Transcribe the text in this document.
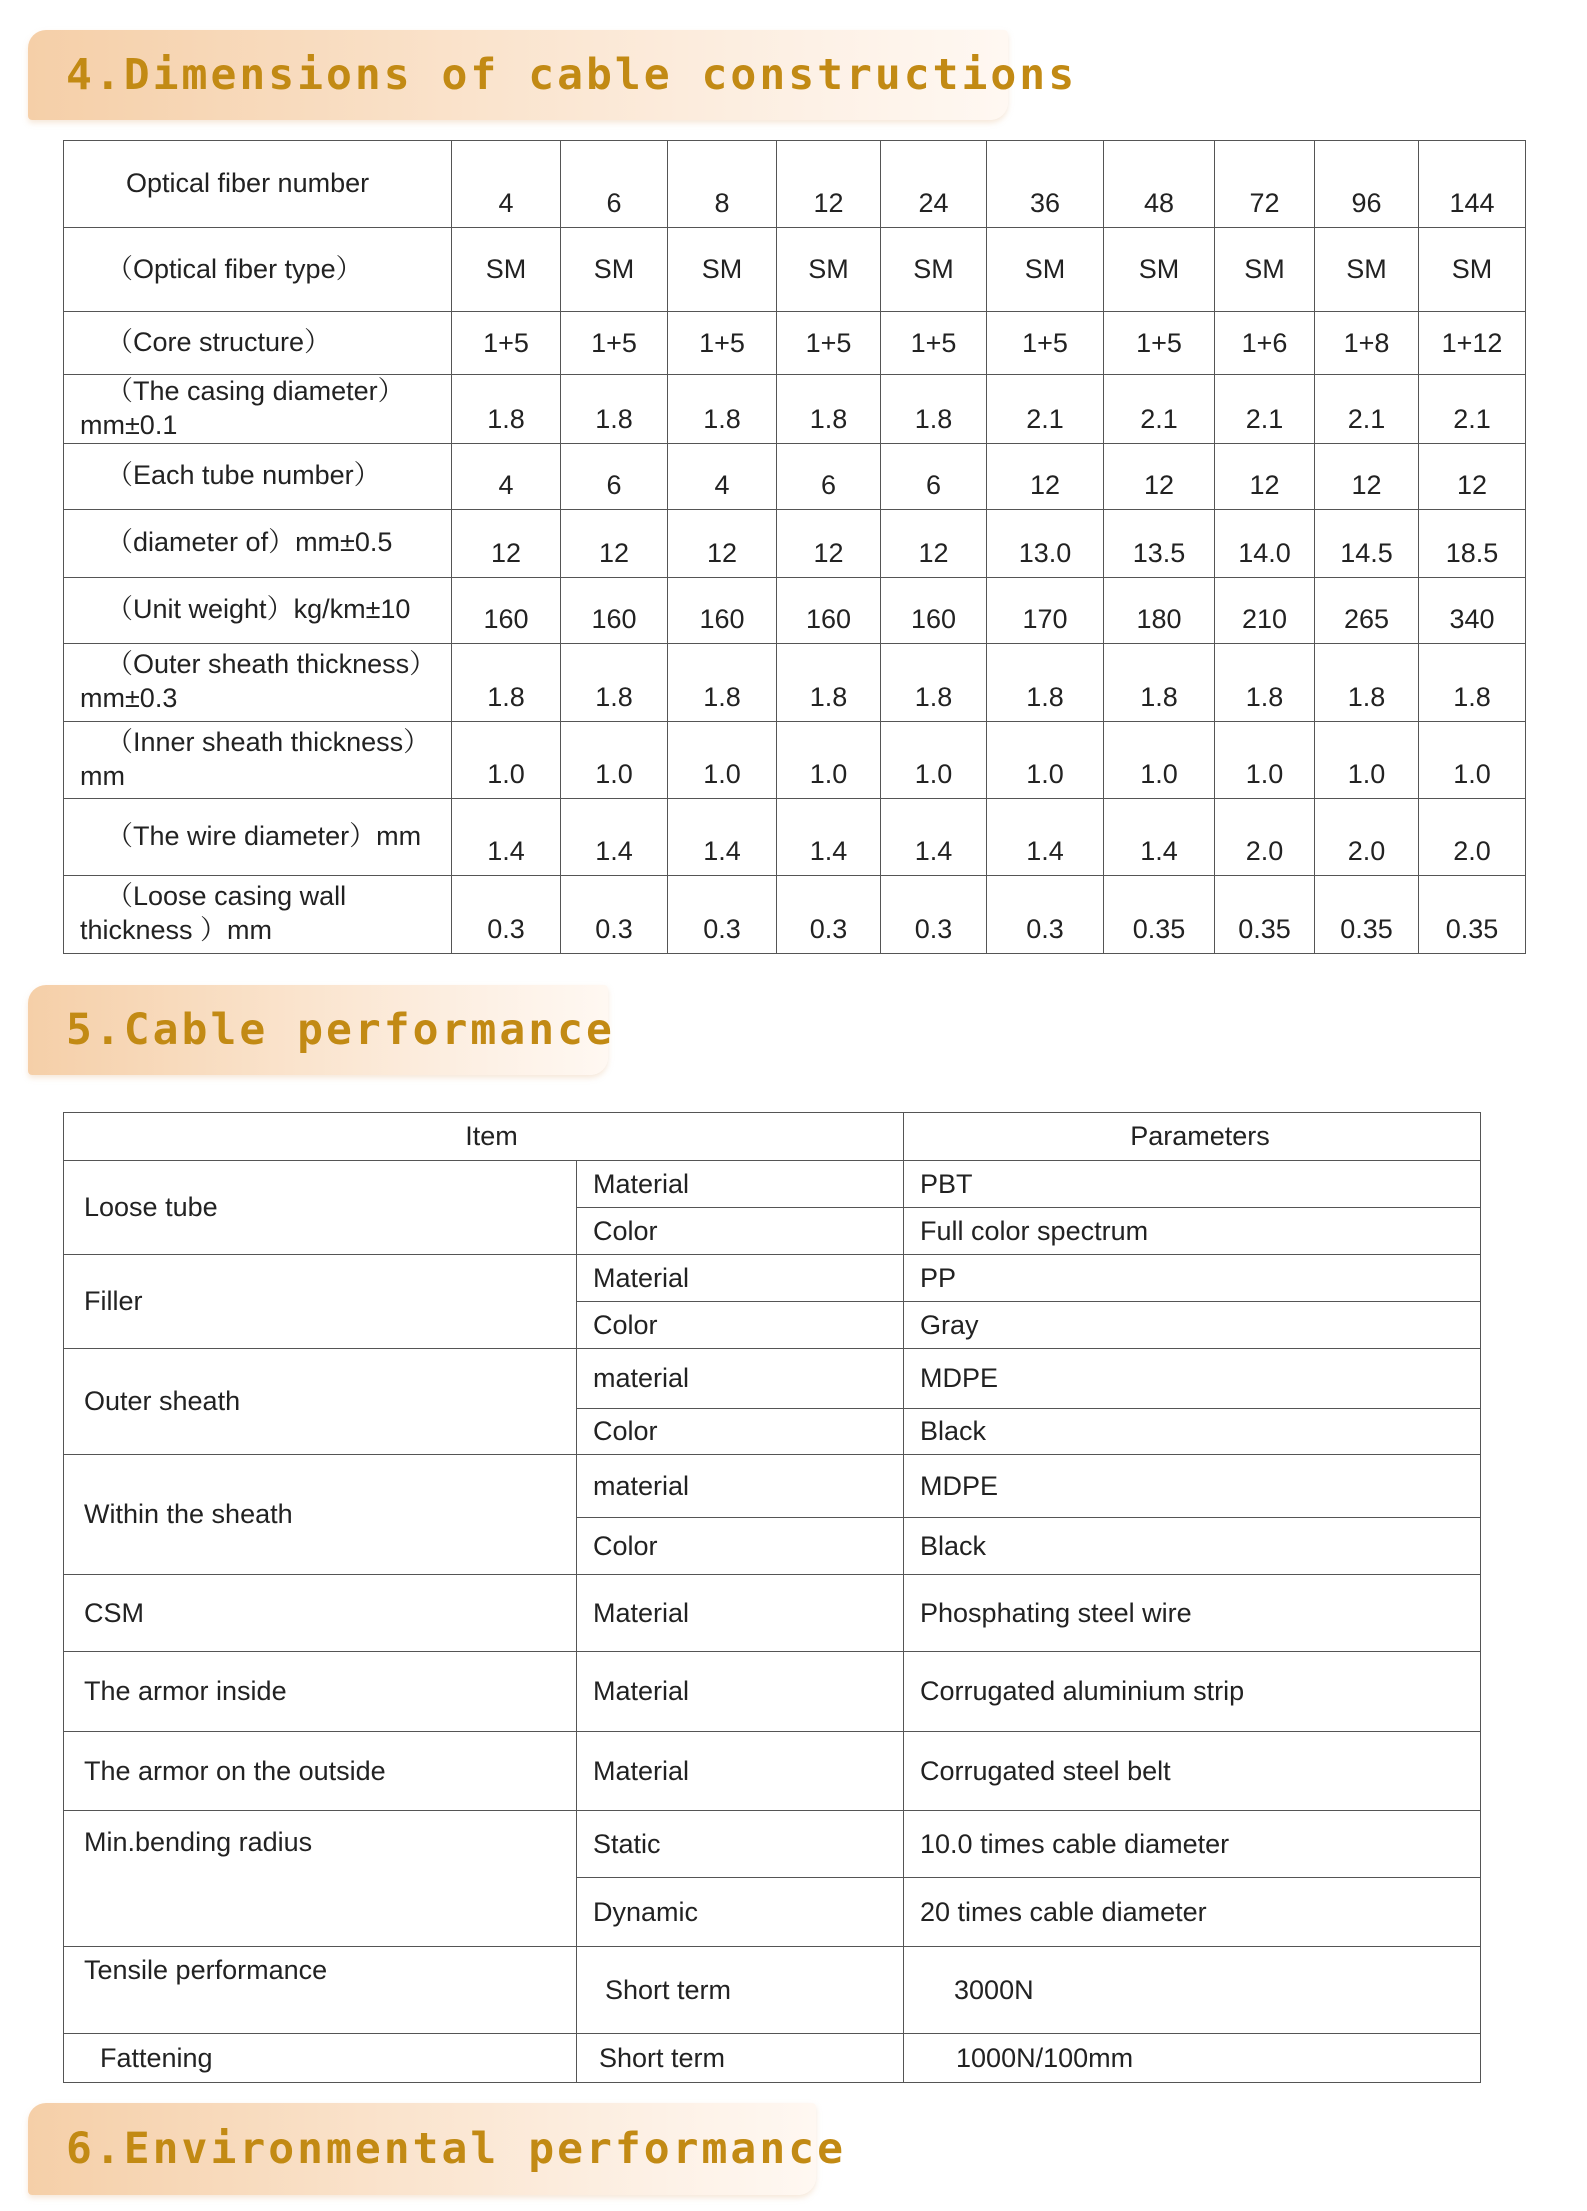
4.Dimensions of cable constructions
Optical fiber number	4	6	8	12	24	36	48	72	96	144

（Optical fiber type）	SM	SM	SM	SM	SM	SM	SM	SM	SM	SM

（Core structure）	1+5	1+5	1+5	1+5	1+5	1+5	1+5	1+6	1+8	1+12

（The casing diameter）
mm±0.1	1.8	1.8	1.8	1.8	1.8	2.1	2.1	2.1	2.1	2.1

（Each tube number）	4	6	4	6	6	12	12	12	12	12

（diameter of）mm±0.5	12	12	12	12	12	13.0	13.5	14.0	14.5	18.5

（Unit weight）kg/km±10	160	160	160	160	160	170	180	210	265	340

（Outer sheath thickness）
mm±0.3	1.8	1.8	1.8	1.8	1.8	1.8	1.8	1.8	1.8	1.8

（Inner sheath thickness）
mm	1.0	1.0	1.0	1.0	1.0	1.0	1.0	1.0	1.0	1.0

（The wire diameter）mm	1.4	1.4	1.4	1.4	1.4	1.4	1.4	2.0	2.0	2.0

（Loose casing wall
thickness ）mm	0.3	0.3	0.3	0.3	0.3	0.3	0.35	0.35	0.35	0.35
5.Cable performance
Item		Parameters
Loose tube	Material	PBT
	Color	Full color spectrum
Filler	Material	PP
	Color	Gray
Outer sheath	material	MDPE
	Color	Black
Within the sheath	material	MDPE
	Color	Black
CSM	Material	Phosphating steel wire
The armor inside	Material	Corrugated aluminium strip
The armor on the outside	Material	Corrugated steel belt
Min.bending radius	Static	10.0 times cable diameter
	Dynamic	20 times cable diameter
Tensile performance	Short term	3000N
Fattening	Short term	1000N/100mm
6.Environmental performance
